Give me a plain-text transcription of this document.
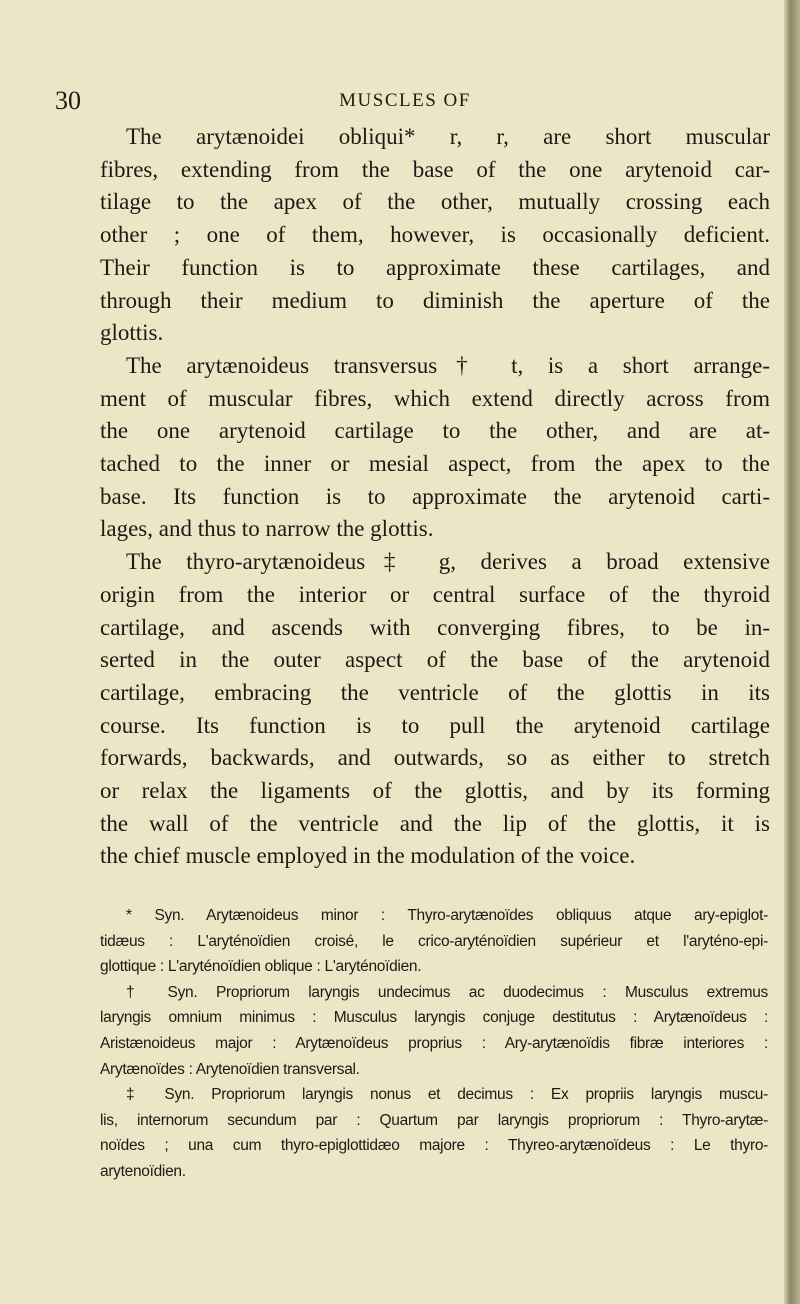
30	MUSCLES OF
The arytænoidei obliqui* r, r, are short muscular
fibres, extending from the base of the one arytenoid car-
tilage to the apex of the other, mutually crossing each
other ; one of them, however, is occasionally deficient.
Their function is to approximate these cartilages, and
through their medium to diminish the aperture of the
glottis.
The arytænoideus transversus† t, is a short arrange-
ment of muscular fibres, which extend directly across from
the one arytenoid cartilage to the other, and are at-
tached to the inner or mesial aspect, from the apex to the
base. Its function is to approximate the arytenoid carti-
lages, and thus to narrow the glottis.
The thyro-arytænoideus‡ g, derives a broad extensive
origin from the interior or central surface of the thyroid
cartilage, and ascends with converging fibres, to be in-
serted in the outer aspect of the base of the arytenoid
cartilage, embracing the ventricle of the glottis in its
course. Its function is to pull the arytenoid cartilage
forwards, backwards, and outwards, so as either to stretch
or relax the ligaments of the glottis, and by its forming
the wall of the ventricle and the lip of the glottis, it is
the chief muscle employed in the modulation of the voice.
* Syn. Arytænoideus minor : Thyro-arytænoïdes obliquus atque ary-epiglot-
tidæus : L'aryténoïdien croisé, le crico-aryténoïdien supérieur et l'aryténo-epi-
glottique : L'aryténoïdien oblique : L'aryténoïdien.
† Syn. Propriorum laryngis undecimus ac duodecimus : Musculus extremus
laryngis omnium minimus : Musculus laryngis conjuge destitutus : Arytænoïdeus :
Aristænoideus major : Arytænoïdeus proprius : Ary-arytænoïdis fibræ interiores :
Arytænoïdes : Arytenoïdien transversal.
‡ Syn. Propriorum laryngis nonus et decimus : Ex propriis laryngis muscu-
lis, internorum secundum par : Quartum par laryngis propriorum : Thyro-arytæ-
noïdes ; una cum thyro-epiglottidæo majore : Thyreo-arytænoïdeus : Le thyro-
arytenoïdien.
